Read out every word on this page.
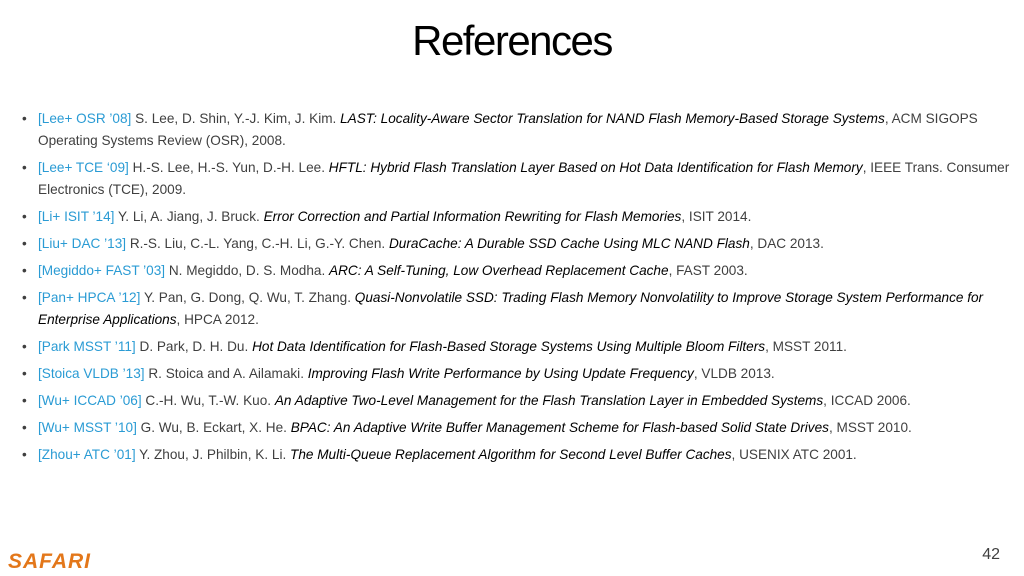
References
• [Lee+ OSR ’08] S. Lee, D. Shin, Y.-J. Kim, J. Kim. LAST: Locality-Aware Sector Translation for NAND Flash Memory-Based Storage Systems, ACM SIGOPS Operating Systems Review (OSR), 2008.
• [Lee+ TCE ‘09] H.-S. Lee, H.-S. Yun, D.-H. Lee. HFTL: Hybrid Flash Translation Layer Based on Hot Data Identification for Flash Memory, IEEE Trans. Consumer Electronics (TCE), 2009.
• [Li+ ISIT ’14] Y. Li, A. Jiang, J. Bruck. Error Correction and Partial Information Rewriting for Flash Memories, ISIT 2014.
• [Liu+ DAC ’13] R.-S. Liu, C.-L. Yang, C.-H. Li, G.-Y. Chen. DuraCache: A Durable SSD Cache Using MLC NAND Flash, DAC 2013.
• [Megiddo+ FAST ’03] N. Megiddo, D. S. Modha. ARC: A Self-Tuning, Low Overhead Replacement Cache, FAST 2003.
• [Pan+ HPCA ’12] Y. Pan, G. Dong, Q. Wu, T. Zhang. Quasi-Nonvolatile SSD: Trading Flash Memory Nonvolatility to Improve Storage System Performance for Enterprise Applications, HPCA 2012.
• [Park MSST ’11] D. Park, D. H. Du. Hot Data Identification for Flash-Based Storage Systems Using Multiple Bloom Filters, MSST 2011.
• [Stoica VLDB ’13] R. Stoica and A. Ailamaki. Improving Flash Write Performance by Using Update Frequency, VLDB 2013.
• [Wu+ ICCAD ’06] C.-H. Wu, T.-W. Kuo. An Adaptive Two-Level Management for the Flash Translation Layer in Embedded Systems, ICCAD 2006.
• [Wu+ MSST ’10] G. Wu, B. Eckart, X. He. BPAC: An Adaptive Write Buffer Management Scheme for Flash-based Solid State Drives, MSST 2010.
• [Zhou+ ATC ’01] Y. Zhou, J. Philbin, K. Li. The Multi-Queue Replacement Algorithm for Second Level Buffer Caches, USENIX ATC 2001.
SAFARI	42
